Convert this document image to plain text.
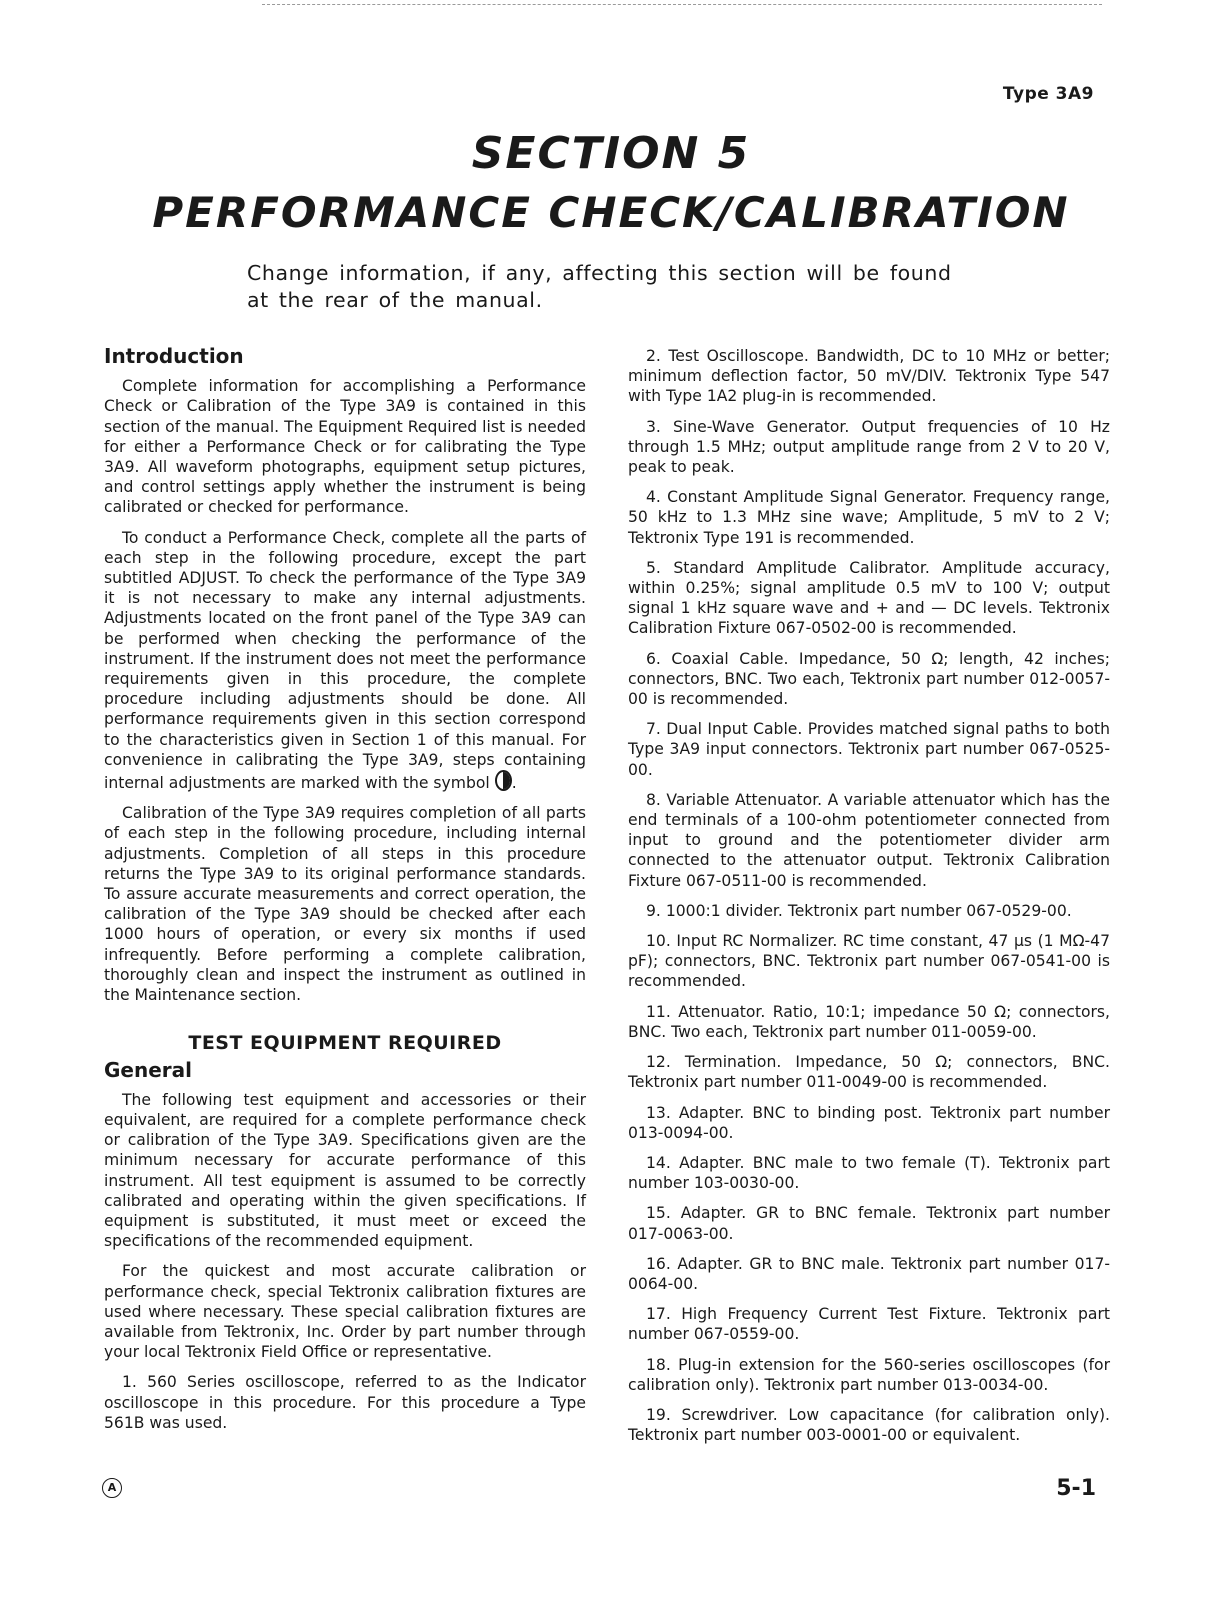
Type 3A9
SECTION 5
PERFORMANCE CHECK/CALIBRATION
Change information, if any, affecting this section will be found at the rear of the manual.
Introduction

Complete information for accomplishing a Performance Check or Calibration of the Type 3A9 is contained in this section of the manual. The Equipment Required list is needed for either a Performance Check or for calibrating the Type 3A9. All waveform photographs, equipment setup pictures, and control settings apply whether the instrument is being calibrated or checked for performance.

To conduct a Performance Check, complete all the parts of each step in the following procedure, except the part subtitled ADJUST. To check the performance of the Type 3A9 it is not necessary to make any internal adjustments. Adjustments located on the front panel of the Type 3A9 can be performed when checking the performance of the instrument. If the instrument does not meet the performance requirements given in this procedure, the complete procedure including adjustments should be done. All performance requirements given in this section correspond to the characteristics given in Section 1 of this manual. For convenience in calibrating the Type 3A9, steps containing internal adjustments are marked with the symbol .

Calibration of the Type 3A9 requires completion of all parts of each step in the following procedure, including internal adjustments. Completion of all steps in this procedure returns the Type 3A9 to its original performance standards. To assure accurate measurements and correct operation, the calibration of the Type 3A9 should be checked after each 1000 hours of operation, or every six months if used infrequently. Before performing a complete calibration, thoroughly clean and inspect the instrument as outlined in the Maintenance section.

TEST EQUIPMENT REQUIRED
General

The following test equipment and accessories or their equivalent, are required for a complete performance check or calibration of the Type 3A9. Specifications given are the minimum necessary for accurate performance of this instrument. All test equipment is assumed to be correctly calibrated and operating within the given specifications. If equipment is substituted, it must meet or exceed the specifications of the recommended equipment.

For the quickest and most accurate calibration or performance check, special Tektronix calibration fixtures are used where necessary. These special calibration fixtures are available from Tektronix, Inc. Order by part number through your local Tektronix Field Office or representative.

1. 560 Series oscilloscope, referred to as the Indicator oscilloscope in this procedure. For this procedure a Type 561B was used.

2. Test Oscilloscope. Bandwidth, DC to 10 MHz or better; minimum deflection factor, 50 mV/DIV. Tektronix Type 547 with Type 1A2 plug-in is recommended.

3. Sine-Wave Generator. Output frequencies of 10 Hz through 1.5 MHz; output amplitude range from 2 V to 20 V, peak to peak.

4. Constant Amplitude Signal Generator. Frequency range, 50 kHz to 1.3 MHz sine wave; Amplitude, 5 mV to 2 V; Tektronix Type 191 is recommended.

5. Standard Amplitude Calibrator. Amplitude accuracy, within 0.25%; signal amplitude 0.5 mV to 100 V; output signal 1 kHz square wave and + and — DC levels. Tektronix Calibration Fixture 067-0502-00 is recommended.

6. Coaxial Cable. Impedance, 50 Ω; length, 42 inches; connectors, BNC. Two each, Tektronix part number 012-0057-00 is recommended.

7. Dual Input Cable. Provides matched signal paths to both Type 3A9 input connectors. Tektronix part number 067-0525-00.

8. Variable Attenuator. A variable attenuator which has the end terminals of a 100-ohm potentiometer connected from input to ground and the potentiometer divider arm connected to the attenuator output. Tektronix Calibration Fixture 067-0511-00 is recommended.

9. 1000:1 divider. Tektronix part number 067-0529-00.

10. Input RC Normalizer. RC time constant, 47 μs (1 MΩ-47 pF); connectors, BNC. Tektronix part number 067-0541-00 is recommended.

11. Attenuator. Ratio, 10:1; impedance 50 Ω; connectors, BNC. Two each, Tektronix part number 011-0059-00.

12. Termination. Impedance, 50 Ω; connectors, BNC. Tektronix part number 011-0049-00 is recommended.

13. Adapter. BNC to binding post. Tektronix part number 013-0094-00.

14. Adapter. BNC male to two female (T). Tektronix part number 103-0030-00.

15. Adapter. GR to BNC female. Tektronix part number 017-0063-00.

16. Adapter. GR to BNC male. Tektronix part number 017-0064-00.

17. High Frequency Current Test Fixture. Tektronix part number 067-0559-00.

18. Plug-in extension for the 560-series oscilloscopes (for calibration only). Tektronix part number 013-0034-00.

19. Screwdriver. Low capacitance (for calibration only). Tektronix part number 003-0001-00 or equivalent.

A	5-1
